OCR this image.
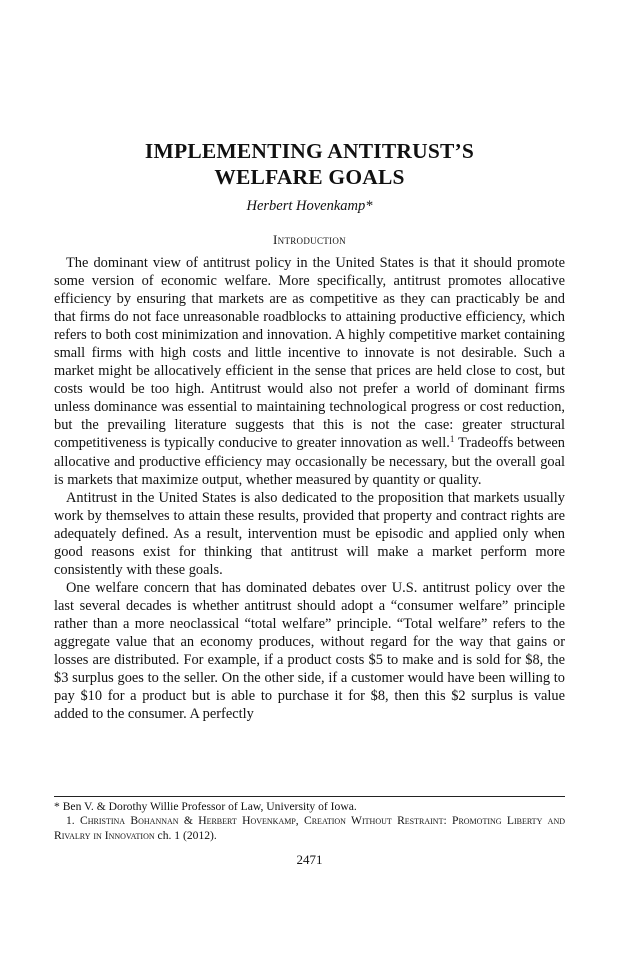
IMPLEMENTING ANTITRUST’S
WELFARE GOALS
Herbert Hovenkamp*
Introduction

The dominant view of antitrust policy in the United States is that it should promote some version of economic welfare. More specifically, antitrust promotes allocative efficiency by ensuring that markets are as competitive as they can practicably be and that firms do not face unreasonable roadblocks to attaining productive efficiency, which refers to both cost minimization and innovation. A highly competitive market containing small firms with high costs and little incentive to innovate is not desirable. Such a market might be allocatively efficient in the sense that prices are held close to cost, but costs would be too high. Antitrust would also not prefer a world of dominant firms unless dominance was essential to maintaining technological progress or cost reduction, but the prevailing literature suggests that this is not the case: greater structural competitiveness is typically conducive to greater innovation as well.$^1$ Tradeoffs between allocative and productive efficiency may occasionally be necessary, but the overall goal is markets that maximize output, whether measured by quantity or quality.

Antitrust in the United States is also dedicated to the proposition that markets usually work by themselves to attain these results, provided that property and contract rights are adequately defined. As a result, intervention must be episodic and applied only when good reasons exist for thinking that antitrust will make a market perform more consistently with these goals.

One welfare concern that has dominated debates over U.S. antitrust policy over the last several decades is whether antitrust should adopt a “consumer welfare” principle rather than a more neoclassical “total welfare” principle. “Total welfare” refers to the aggregate value that an economy produces, without regard for the way that gains or losses are distributed. For example, if a product costs $5 to make and is sold for $8, the $3 surplus goes to the seller. On the other side, if a customer would have been willing to pay $10 for a product but is able to purchase it for $8, then this $2 surplus is value added to the consumer. A perfectly

* Ben V. & Dorothy Willie Professor of Law, University of Iowa.

1. Christina Bohannan & Herbert Hovenkamp, Creation Without Restraint: Promoting Liberty and Rivalry in Innovation ch. 1 (2012).

2471
